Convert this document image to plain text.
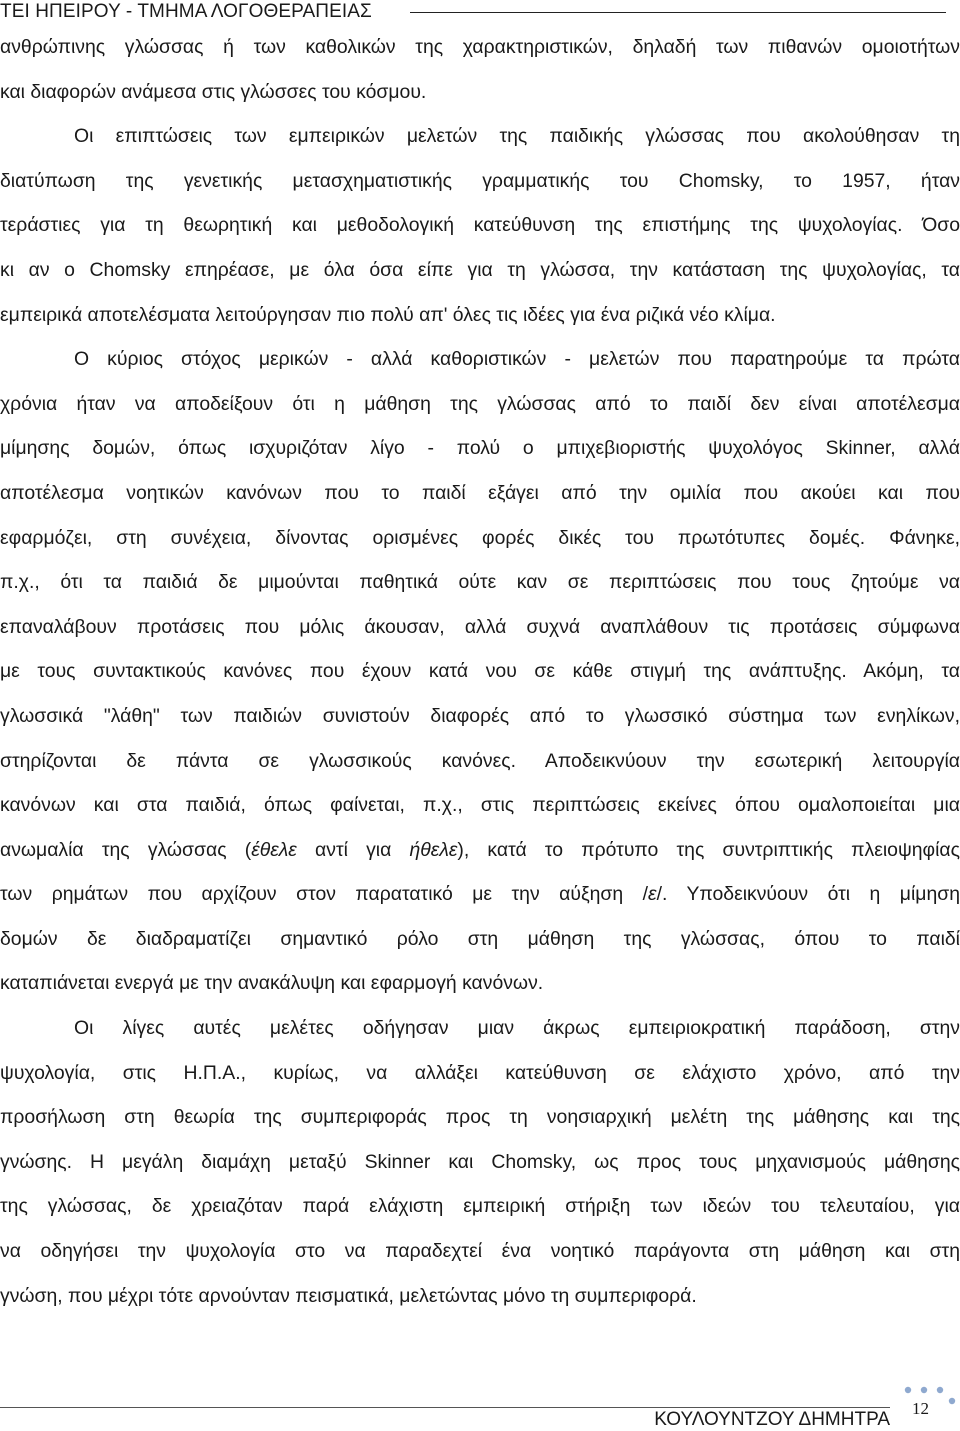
ΤΕΙ ΗΠΕΙΡΟΥ - ΤΜΗΜΑ ΛΟΓΟΘΕΡΑΠΕΙΑΣ
ανθρώπινης γλώσσας ή των καθολικών της χαρακτηριστικών, δηλαδή των πιθανών ομοιοτήτων
και διαφορών ανάμεσα στις γλώσσες του κόσμου.
Οι επιπτώσεις των εμπειρικών μελετών της παιδικής γλώσσας που ακολούθησαν τη
διατύπωση της γενετικής μετασχηματιστικής γραμματικής του Chomsky, το 1957, ήταν
τεράστιες για τη θεωρητική και μεθοδολογική κατεύθυνση της επιστήμης της ψυχολογίας. Όσο
κι αν ο Chomsky επηρέασε, με όλα όσα είπε για τη γλώσσα, την κατάσταση της ψυχολογίας, τα
εμπειρικά αποτελέσματα λειτούργησαν πιο πολύ απ' όλες τις ιδέες για ένα ριζικά νέο κλίμα.
Ο κύριος στόχος μερικών - αλλά καθοριστικών - μελετών που παρατηρούμε τα πρώτα
χρόνια ήταν να αποδείξουν ότι η μάθηση της γλώσσας από το παιδί δεν είναι αποτέλεσμα
μίμησης δομών, όπως ισχυριζόταν λίγο - πολύ ο μπιχεβιοριστής ψυχολόγος Skinner, αλλά
αποτέλεσμα νοητικών κανόνων που το παιδί εξάγει από την ομιλία που ακούει και που
εφαρμόζει, στη συνέχεια, δίνοντας ορισμένες φορές δικές του πρωτότυπες δομές. Φάνηκε,
π.χ., ότι τα παιδιά δε μιμούνται παθητικά ούτε καν σε περιπτώσεις που τους ζητούμε να
επαναλάβουν προτάσεις που μόλις άκουσαν, αλλά συχνά αναπλάθουν τις προτάσεις σύμφωνα
με τους συντακτικούς κανόνες που έχουν κατά νου σε κάθε στιγμή της ανάπτυξης. Ακόμη, τα
γλωσσικά "λάθη" των παιδιών συνιστούν διαφορές από το γλωσσικό σύστημα των ενηλίκων,
στηρίζονται δε πάντα σε γλωσσικούς κανόνες. Αποδεικνύουν την εσωτερική λειτουργία
κανόνων και στα παιδιά, όπως φαίνεται, π.χ., στις περιπτώσεις εκείνες όπου ομαλοποιείται μια
ανωμαλία της γλώσσας (έθελε αντί για ήθελε), κατά το πρότυπο της συντριπτικής πλειοψηφίας
των ρημάτων που αρχίζουν στον παρατατικό με την αύξηση /ε/. Υποδεικνύουν ότι η μίμηση
δομών δε διαδραματίζει σημαντικό ρόλο στη μάθηση της γλώσσας, όπου το παιδί
καταπιάνεται ενεργά με την ανακάλυψη και εφαρμογή κανόνων.
Οι λίγες αυτές μελέτες οδήγησαν μιαν άκρως εμπειριοκρατική παράδοση, στην
ψυχολογία, στις Η.Π.Α., κυρίως, να αλλάξει κατεύθυνση σε ελάχιστο χρόνο, από την
προσήλωση στη θεωρία της συμπεριφοράς προς τη νοησιαρχική μελέτη της μάθησης και της
γνώσης. Η μεγάλη διαμάχη μεταξύ Skinner και Chomsky, ως προς τους μηχανισμούς μάθησης
της γλώσσας, δε χρειαζόταν παρά ελάχιστη εμπειρική στήριξη των ιδεών του τελευταίου, για
να οδηγήσει την ψυχολογία στο να παραδεχτεί ένα νοητικό παράγοντα στη μάθηση και στη
γνώση, που μέχρι τότε αρνούνταν πεισματικά, μελετώντας μόνο τη συμπεριφορά.
ΚΟΥΛΟΥΝΤΖΟΥ ΔΗΜΗΤΡΑ
12
